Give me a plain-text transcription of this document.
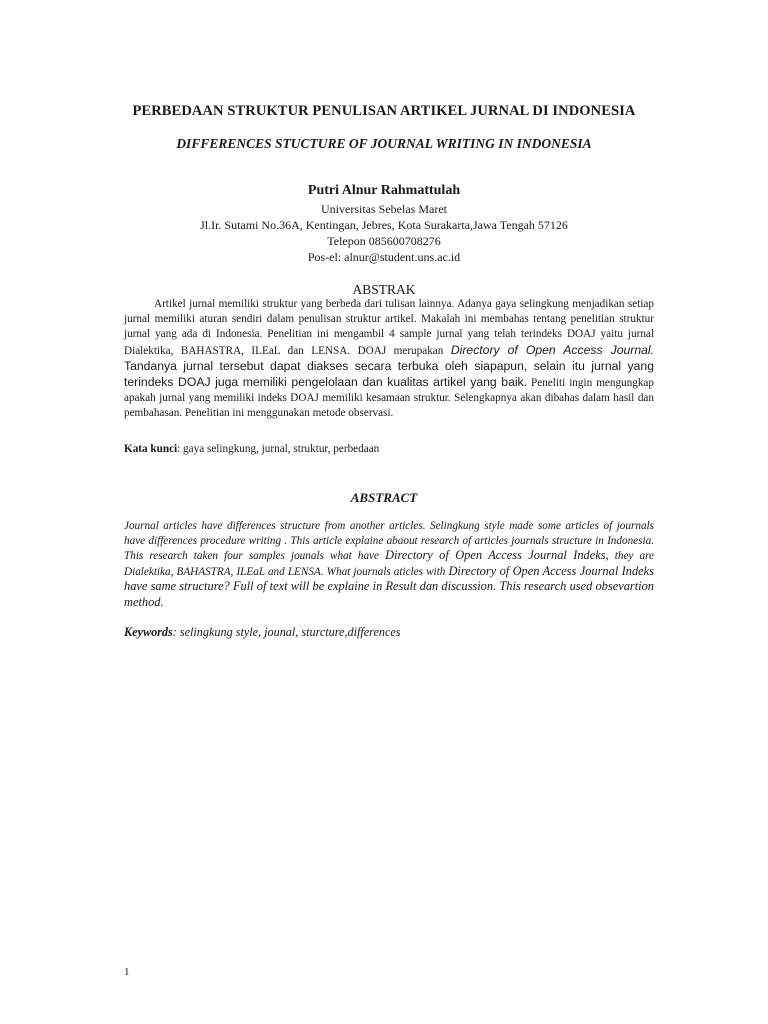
PERBEDAAN STRUKTUR PENULISAN ARTIKEL JURNAL DI INDONESIA
DIFFERENCES STUCTURE OF JOURNAL WRITING IN INDONESIA
Putri Alnur Rahmattulah
Universitas Sebelas Maret
Jl.Ir. Sutami No.36A, Kentingan, Jebres, Kota Surakarta,Jawa Tengah 57126
Telepon 085600708276
Pos-el: alnur@student.uns.ac.id
ABSTRAK

Artikel jurnal memiliki struktur yang berbeda dari tulisan lainnya. Adanya gaya selingkung menjadikan setiap jurnal memiliki aturan sendiri dalam penulisan struktur artikel. Makalah ini membahas tentang penelitian struktur jurnal yang ada di Indonesia. Penelitian ini mengambil 4 sample jurnal yang telah terindeks DOAJ yaitu jurnal Dialektika, BAHASTRA, ILEaL dan LENSA. DOAJ merupakan Directory of Open Access Journal. Tandanya jurnal tersebut dapat diakses secara terbuka oleh siapapun, selain itu jurnal yang terindeks DOAJ juga memiliki pengelolaan dan kualitas artikel yang baik. Peneliti ingin mengungkap apakah jurnal yang memiliki indeks DOAJ memiliki kesamaan struktur. Selengkapnya akan dibahas dalam hasil dan pembahasan. Penelitian ini menggunakan metode observasi.

Kata kunci: gaya selingkung, jurnal, struktur, perbedaan

ABSTRACT

Journal articles have differences structure from another articles. Selingkung style made some articles of journals have differences procedure writing . This article explaine abaout research of articles journals structure in Indonesia. This research taken four samples jounals what have Directory of Open Access Journal Indeks, they are Dialektika, BAHASTRA, ILEaL and LENSA. What journals aticles with Directory of Open Access Journal Indeks have same structure? Full of text will be explaine in Result dan discussion. This research used obsevartion method.

Keywords: selingkung style, jounal, sturcture,differences

1
